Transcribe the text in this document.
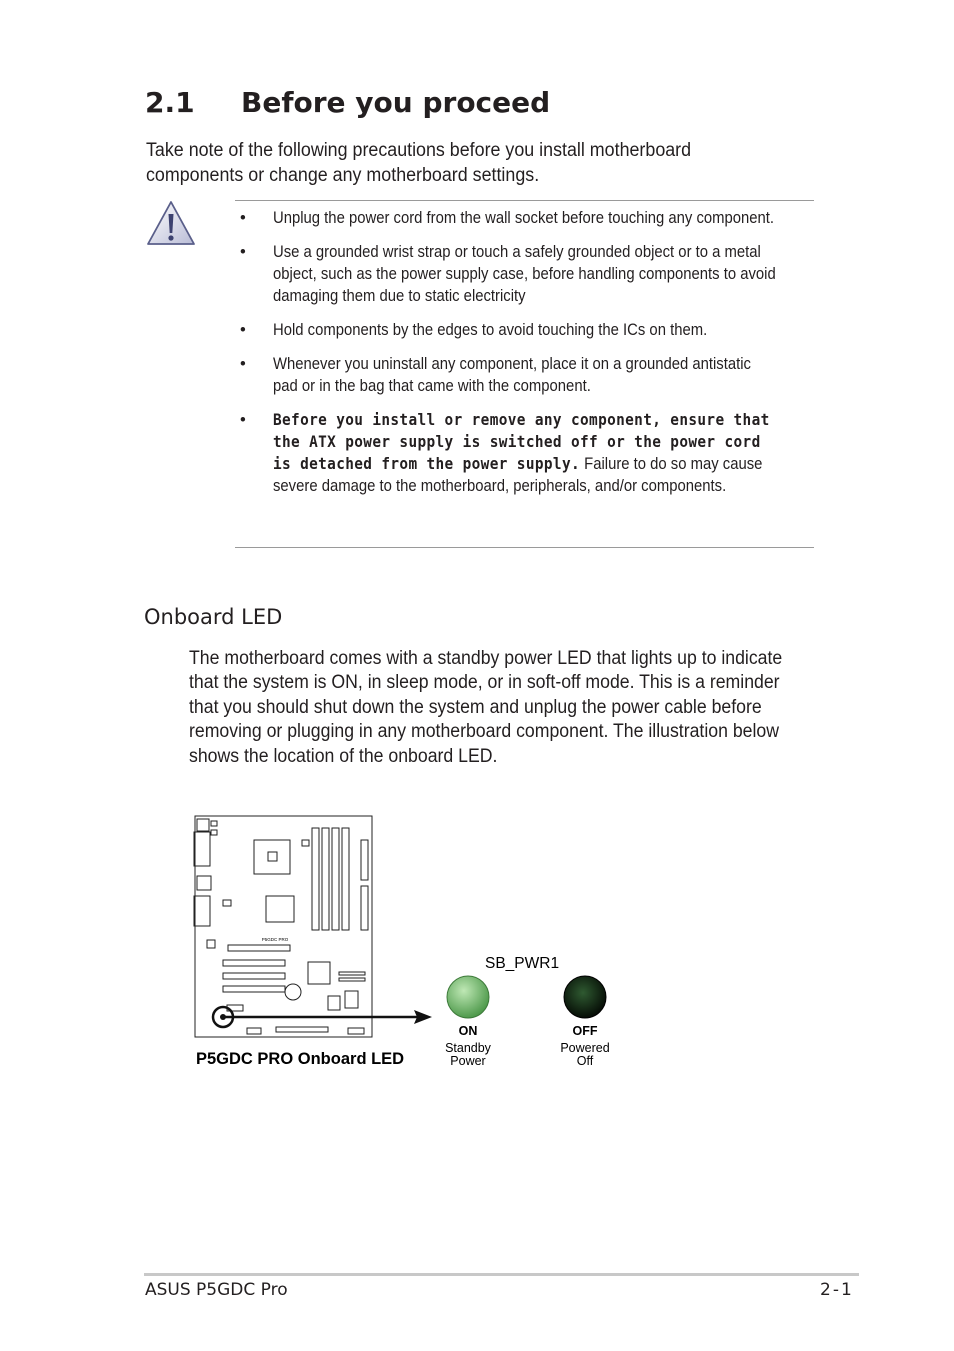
2.1 Before you proceed
Take note of the following precautions before you install motherboard components or change any motherboard settings.
• Unplug the power cord from the wall socket before touching any component.
• Use a grounded wrist strap or touch a safely grounded object or to a metal object, such as the power supply case, before handling components to avoid damaging them due to static electricity
• Hold components by the edges to avoid touching the ICs on them.
• Whenever you uninstall any component, place it on a grounded antistatic pad or in the bag that came with the component.
• Before you install or remove any component, ensure that the ATX power supply is switched off or the power cord is detached from the power supply. Failure to do so may cause severe damage to the motherboard, peripherals, and/or components.
Onboard LED
The motherboard comes with a standby power LED that lights up to indicate that the system is ON, in sleep mode, or in soft-off mode. This is a reminder that you should shut down the system and unplug the power cable before removing or plugging in any motherboard component. The illustration below shows the location of the onboard LED.
P5GDC PRO
P5GDC PRO Onboard LED
SB_PWR1
ON
Standby
Power
OFF
Powered
Off
ASUS P5GDC Pro	2-1
